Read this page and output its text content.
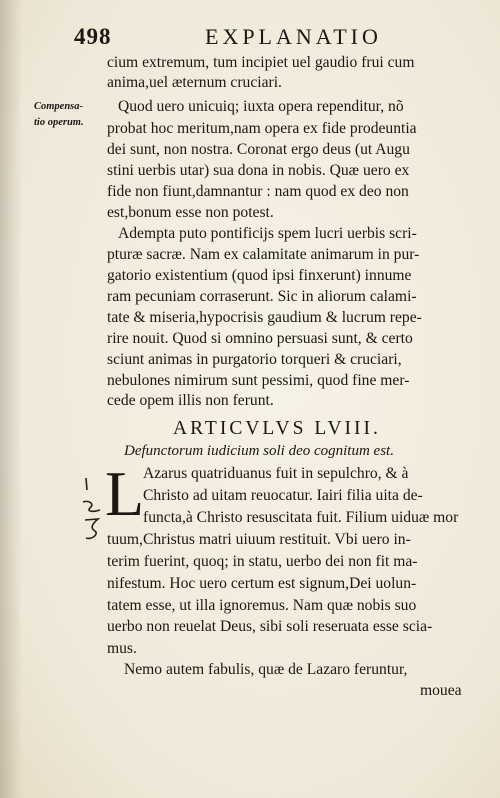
498	EXPLANATIO
Compensa-
tio operum.
cium extremum, tum incipiet uel gaudio frui cum
anima,uel æternum cruciari.
Quod uero unicuiq; iuxta opera rependitur, nõ
probat hoc meritum,nam opera ex fide prodeuntia
dei sunt, non nostra. Coronat ergo deus (ut Augu
stini uerbis utar) sua dona in nobis. Quæ uero ex
fide non fiunt,damnantur : nam quod ex deo non
est,bonum esse non potest.
Adempta puto pontificijs spem lucri uerbis scri-
pturæ sacræ. Nam ex calamitate animarum in pur-
gatorio existentium (quod ipsi finxerunt) innume
ram pecuniam corraserunt. Sic in aliorum calami-
tate & miseria,hypocrisis gaudium & lucrum repe-
rire nouit. Quod si omnino persuasi sunt, & certo
sciunt animas in purgatorio torqueri & cruciari,
nebulones nimirum sunt pessimi, quod fine mer-
cede opem illis non ferunt.
ARTICVLVS LVIII.
Defunctorum iudicium soli deo cognitum est.
L
Azarus quatriduanus fuit in sepulchro, & à
Christo ad uitam reuocatur. Iairi filia uita de-
functa,à Christo resuscitata fuit. Filium uiduæ mor
tuum,Christus matri uiuum restituit. Vbi uero in-
terim fuerint, quoq; in statu, uerbo dei non fit ma-
nifestum. Hoc uero certum est signum,Dei uolun-
tatem esse, ut illa ignoremus. Nam quæ nobis suo
uerbo non reuelat Deus, sibi soli reseruata esse scia-
mus.
Nemo autem fabulis, quæ de Lazaro feruntur,
mouea
